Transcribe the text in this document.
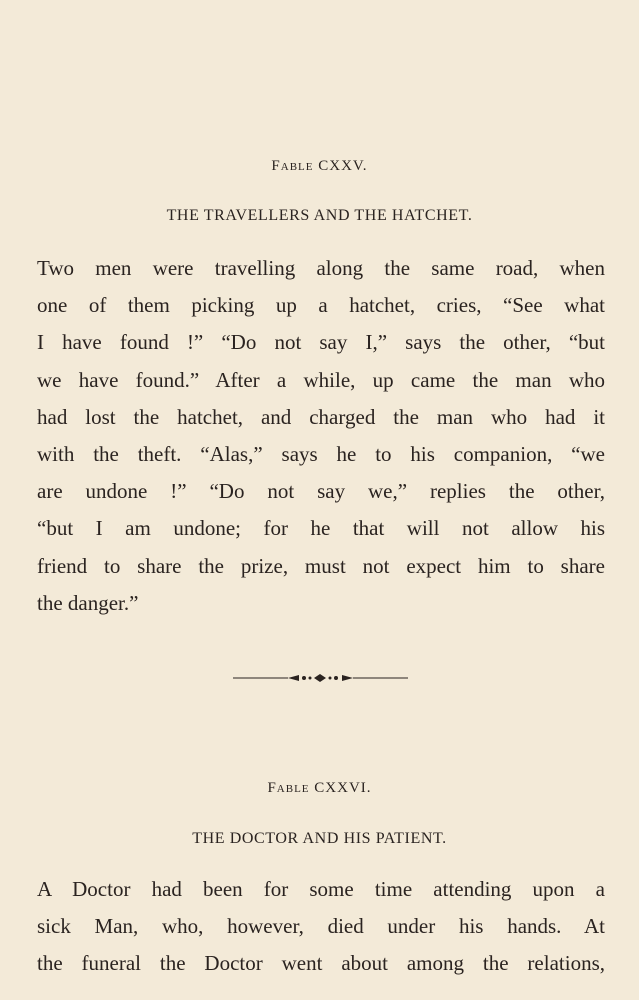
Fable CXXV.
THE TRAVELLERS AND THE HATCHET.
Two men were travelling along the same road, when
one of them picking up a hatchet, cries, “See what
I have found !” “Do not say I,” says the other, “but
we have found.” After a while, up came the man who
had lost the hatchet, and charged the man who had it
with the theft. “Alas,” says he to his companion, “we
are undone !” “Do not say we,” replies the other,
“but I am undone; for he that will not allow his
friend to share the prize, must not expect him to share
the danger.”
Fable CXXVI.
THE DOCTOR AND HIS PATIENT.
A Doctor had been for some time attending upon a
sick Man, who, however, died under his hands. At
the funeral the Doctor went about among the relations,
